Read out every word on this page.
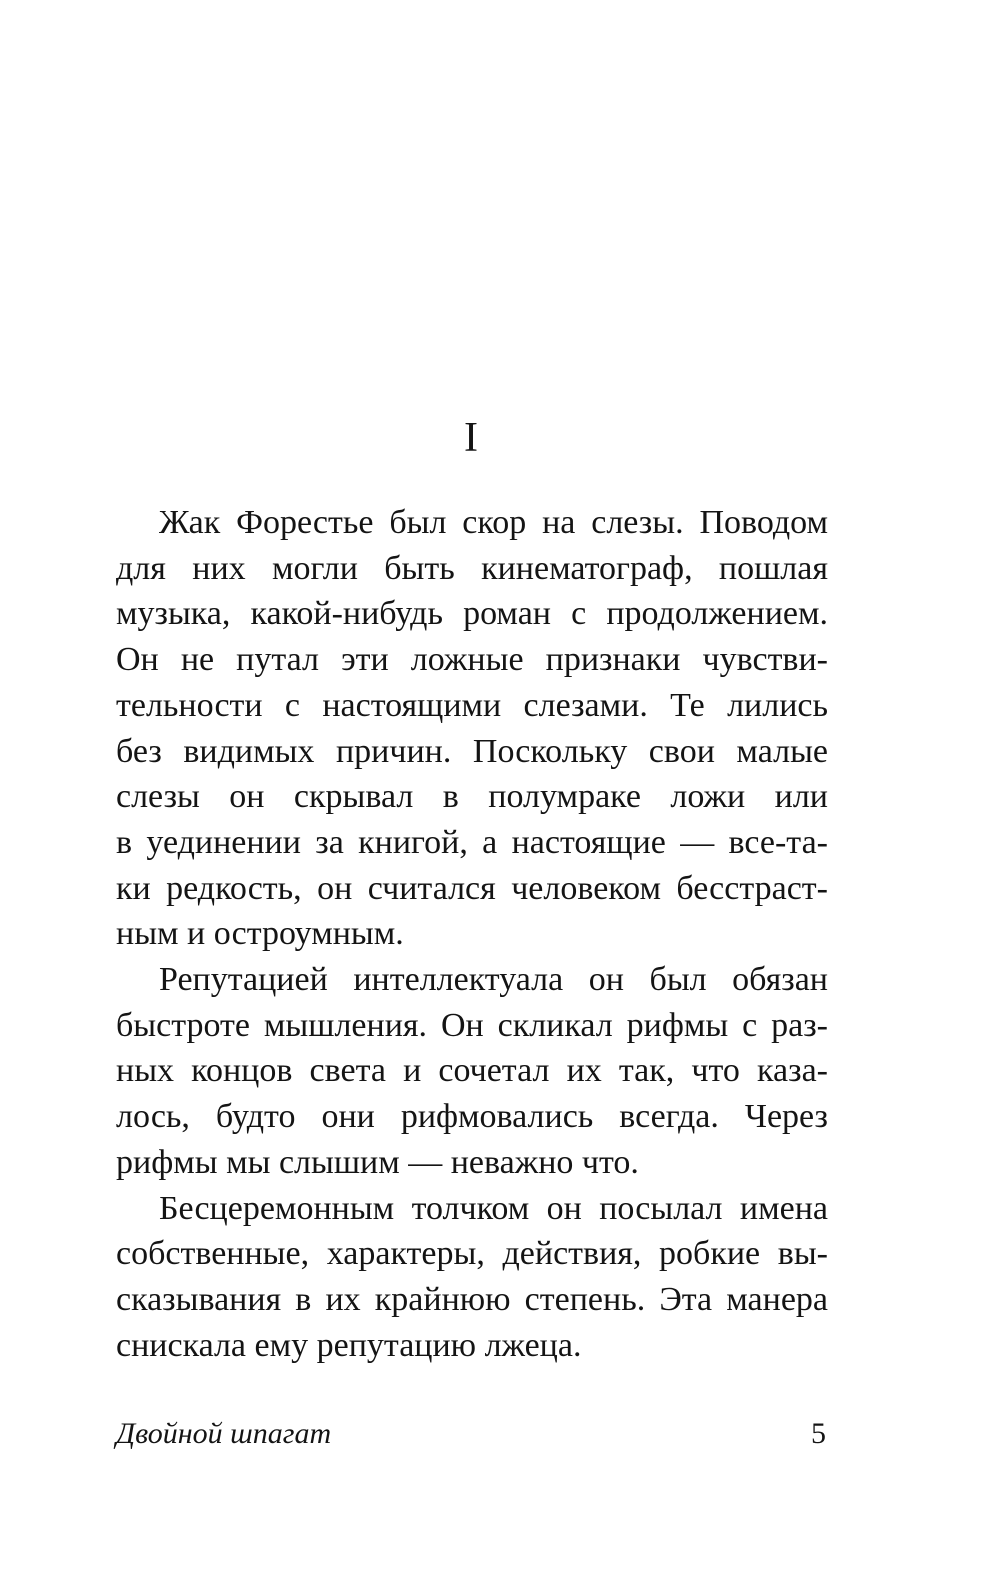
I

Жак Форестье был скор на слезы. Поводом
для них могли быть кинематограф, пошлая
музыка, какой-нибудь роман с продолжением.
Он не путал эти ложные признаки чувстви-
тельности с настоящими слезами. Те лились
без видимых причин. Поскольку свои малые
слезы он скрывал в полумраке ложи или
в уединении за книгой, а настоящие — все-та-
ки редкость, он считался человеком бесстраст-
ным и остроумным.

Репутацией интеллектуала он был обязан
быстроте мышления. Он скликал рифмы с раз-
ных концов света и сочетал их так, что каза-
лось, будто они рифмовались всегда. Через
рифмы мы слышим — неважно что.

Бесцеремонным толчком он посылал имена
собственные, характеры, действия, робкие вы-
сказывания в их крайнюю степень. Эта манера
снискала ему репутацию лжеца.

Двойной шпагат	5
